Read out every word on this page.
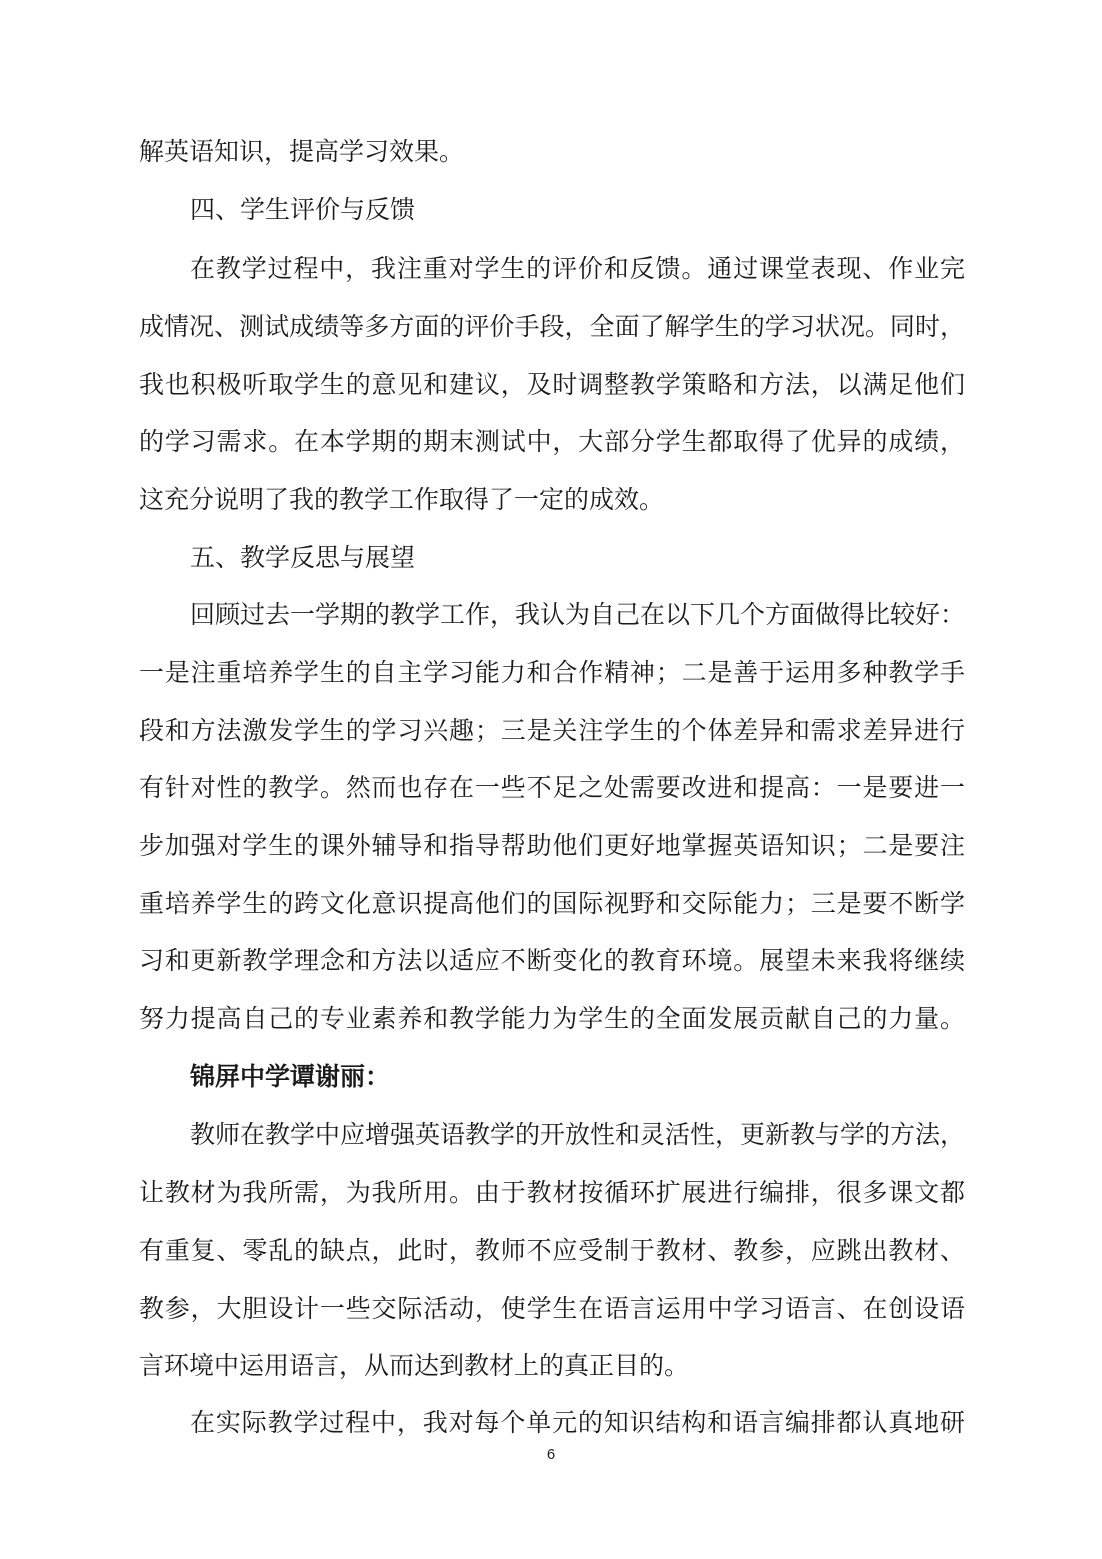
解英语知识，提高学习效果。
四、学生评价与反馈
在教学过程中，我注重对学生的评价和反馈。通过课堂表现、作业完
成情况、测试成绩等多方面的评价手段，全面了解学生的学习状况。同时，
我也积极听取学生的意见和建议，及时调整教学策略和方法，以满足他们
的学习需求。在本学期的期末测试中，大部分学生都取得了优异的成绩，
这充分说明了我的教学工作取得了一定的成效。
五、教学反思与展望
回顾过去一学期的教学工作，我认为自己在以下几个方面做得比较好：
一是注重培养学生的自主学习能力和合作精神；二是善于运用多种教学手
段和方法激发学生的学习兴趣；三是关注学生的个体差异和需求差异进行
有针对性的教学。然而也存在一些不足之处需要改进和提高：一是要进一
步加强对学生的课外辅导和指导帮助他们更好地掌握英语知识；二是要注
重培养学生的跨文化意识提高他们的国际视野和交际能力；三是要不断学
习和更新教学理念和方法以适应不断变化的教育环境。展望未来我将继续
努力提高自己的专业素养和教学能力为学生的全面发展贡献自己的力量。
锦屏中学谭谢丽：
教师在教学中应增强英语教学的开放性和灵活性，更新教与学的方法，
让教材为我所需，为我所用。由于教材按循环扩展进行编排，很多课文都
有重复、零乱的缺点，此时，教师不应受制于教材、教参，应跳出教材、
教参，大胆设计一些交际活动，使学生在语言运用中学习语言、在创设语
言环境中运用语言，从而达到教材上的真正目的。
在实际教学过程中，我对每个单元的知识结构和语言编排都认真地研
6
